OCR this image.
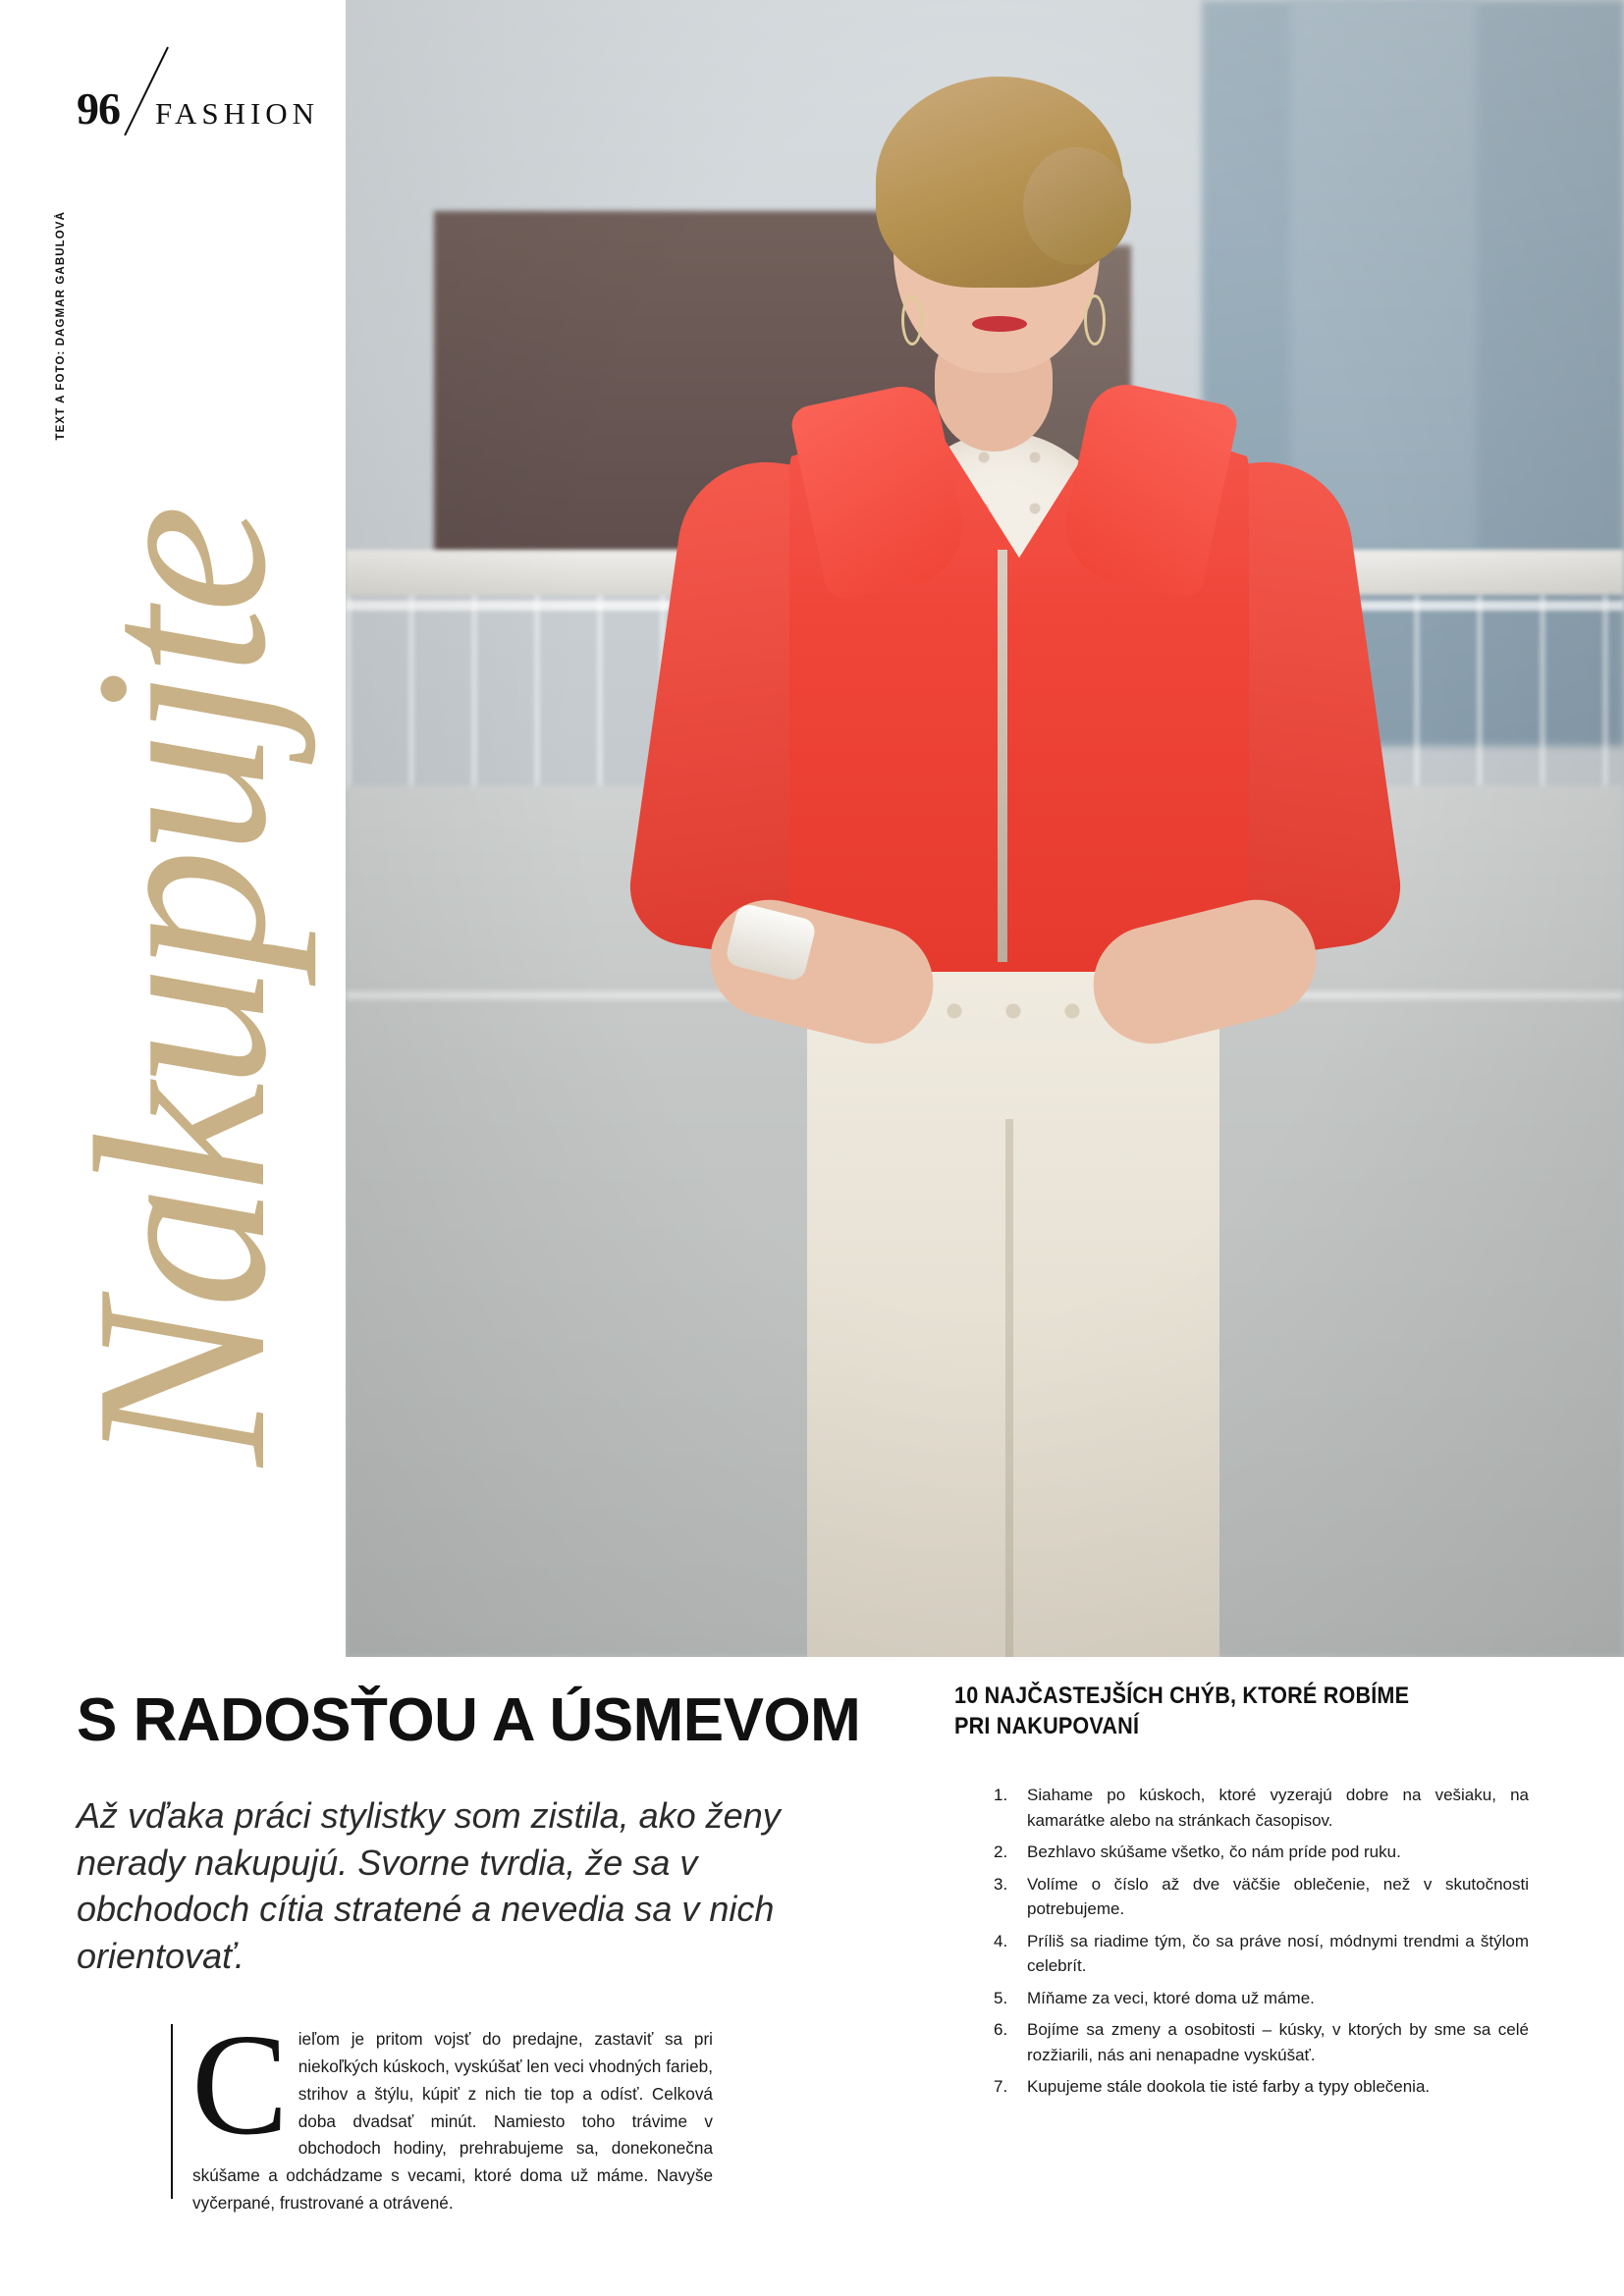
96 FASHION
TEXT A FOTO: DAGMAR GABULOVÁ
Nakupujte
S RADOSŤOU A ÚSMEVOM

Až vďaka práci stylistky som zistila, ako ženy nerady nakupujú. Svorne tvrdia, že sa v obchodoch cítia stratené a nevedia sa v nich orientovať.

C ieľom je pritom vojsť do predajne, zastaviť sa pri niekoľkých kúskoch, vyskúšať len veci vhodných farieb, strihov a štýlu, kúpiť z nich tie top a odísť. Celková doba dvadsať minút. Namiesto toho trávime v obchodoch hodiny, prehrabujeme sa, donekonečna skúšame a odchádzame s vecami, ktoré doma už máme. Navyše vyčerpané, frustrované a otrávené.
10 NAJČASTEJŠÍCH CHÝB, KTORÉ ROBÍME PRI NAKUPOVANÍ
1.	Siahame po kúskoch, ktoré vyzerajú dobre na vešiaku, na kamarátke alebo na stránkach časopisov.
2.	Bezhlavo skúšame všetko, čo nám príde pod ruku.
3.	Volíme o číslo až dve väčšie oblečenie, než v skutočnosti potrebujeme.
4.	Príliš sa riadime tým, čo sa práve nosí, módnymi trendmi a štýlom celebrít.
5.	Míňame za veci, ktoré doma už máme.
6.	Bojíme sa zmeny a osobitosti – kúsky, v ktorých by sme sa celé rozžiarili, nás ani nenapadne vyskúšať.
7.	Kupujeme stále dookola tie isté farby a typy oblečenia.
